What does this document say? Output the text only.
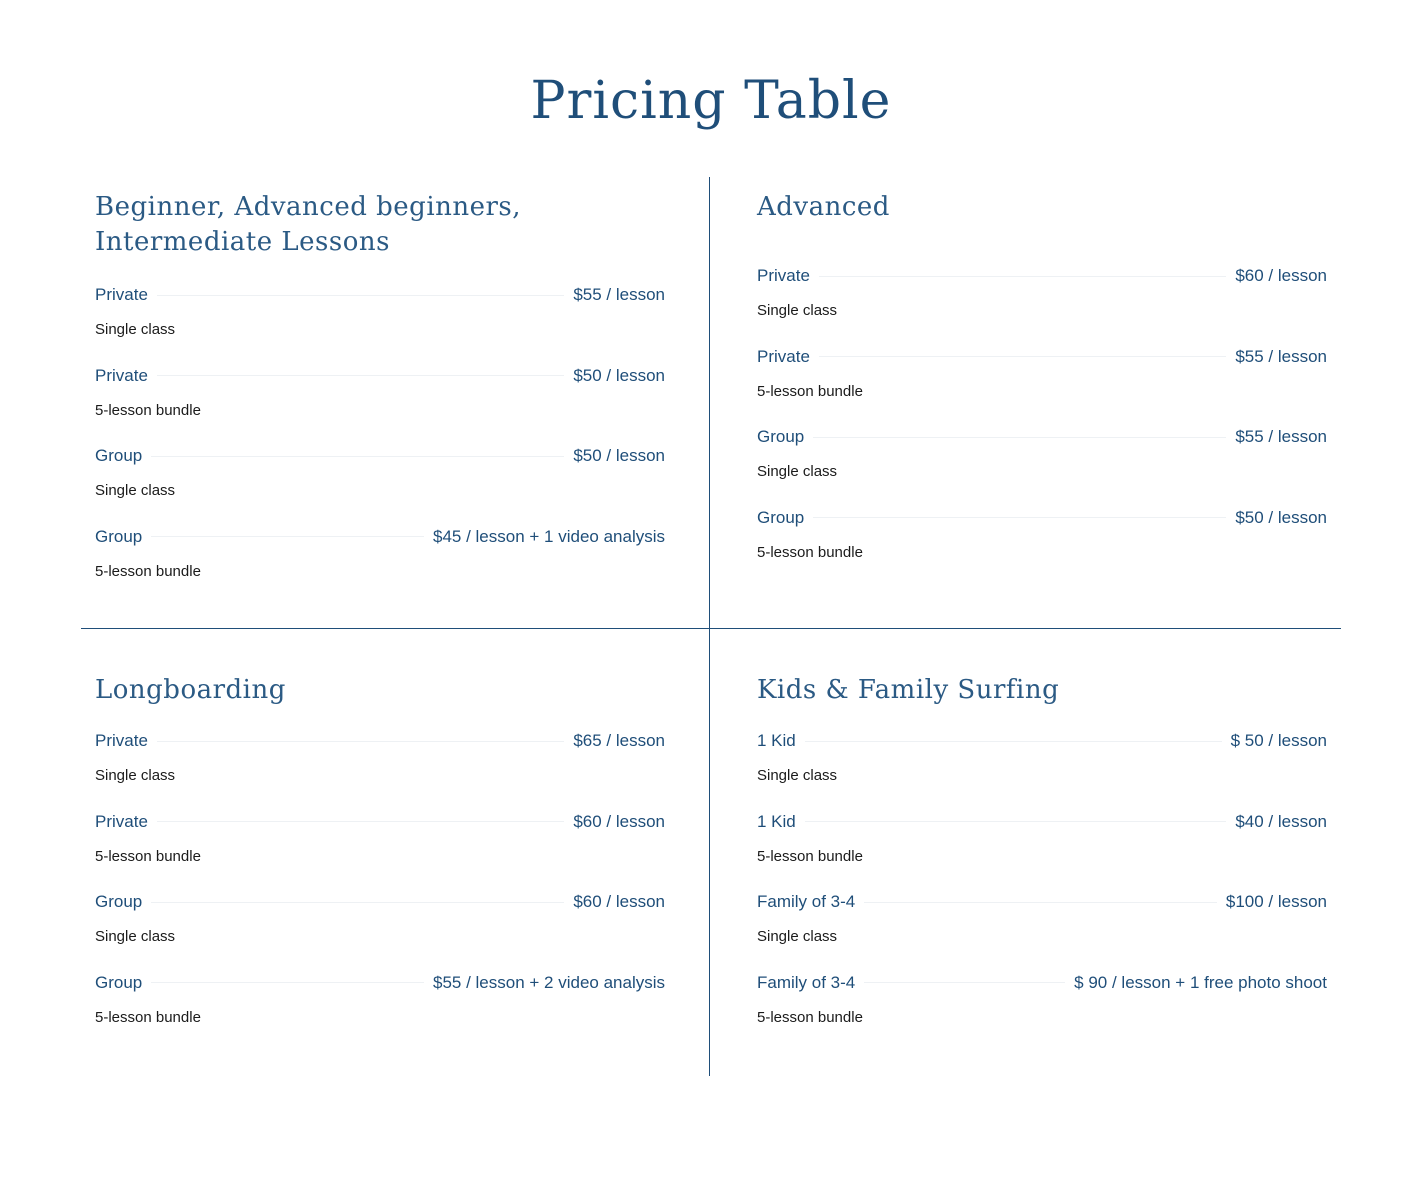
Pricing Table
Beginner, Advanced beginners, Intermediate Lessons
Private	$55 / lesson
Single class
Private	$50 / lesson
5-lesson bundle
Group	$50 / lesson
Single class
Group	$45 / lesson + 1 video analysis
5-lesson bundle
Advanced
Private	$60 / lesson
Single class
Private	$55 / lesson
5-lesson bundle
Group	$55 / lesson
Single class
Group	$50 / lesson
5-lesson bundle
Longboarding
Private	$65 / lesson
Single class
Private	$60 / lesson
5-lesson bundle
Group	$60 / lesson
Single class
Group	$55 / lesson + 2 video analysis
5-lesson bundle
Kids & Family Surfing
1 Kid	$ 50 / lesson
Single class
1 Kid	$40 / lesson
5-lesson bundle
Family of 3-4	$100 / lesson
Single class
Family of 3-4	$ 90 / lesson + 1 free photo shoot
5-lesson bundle
